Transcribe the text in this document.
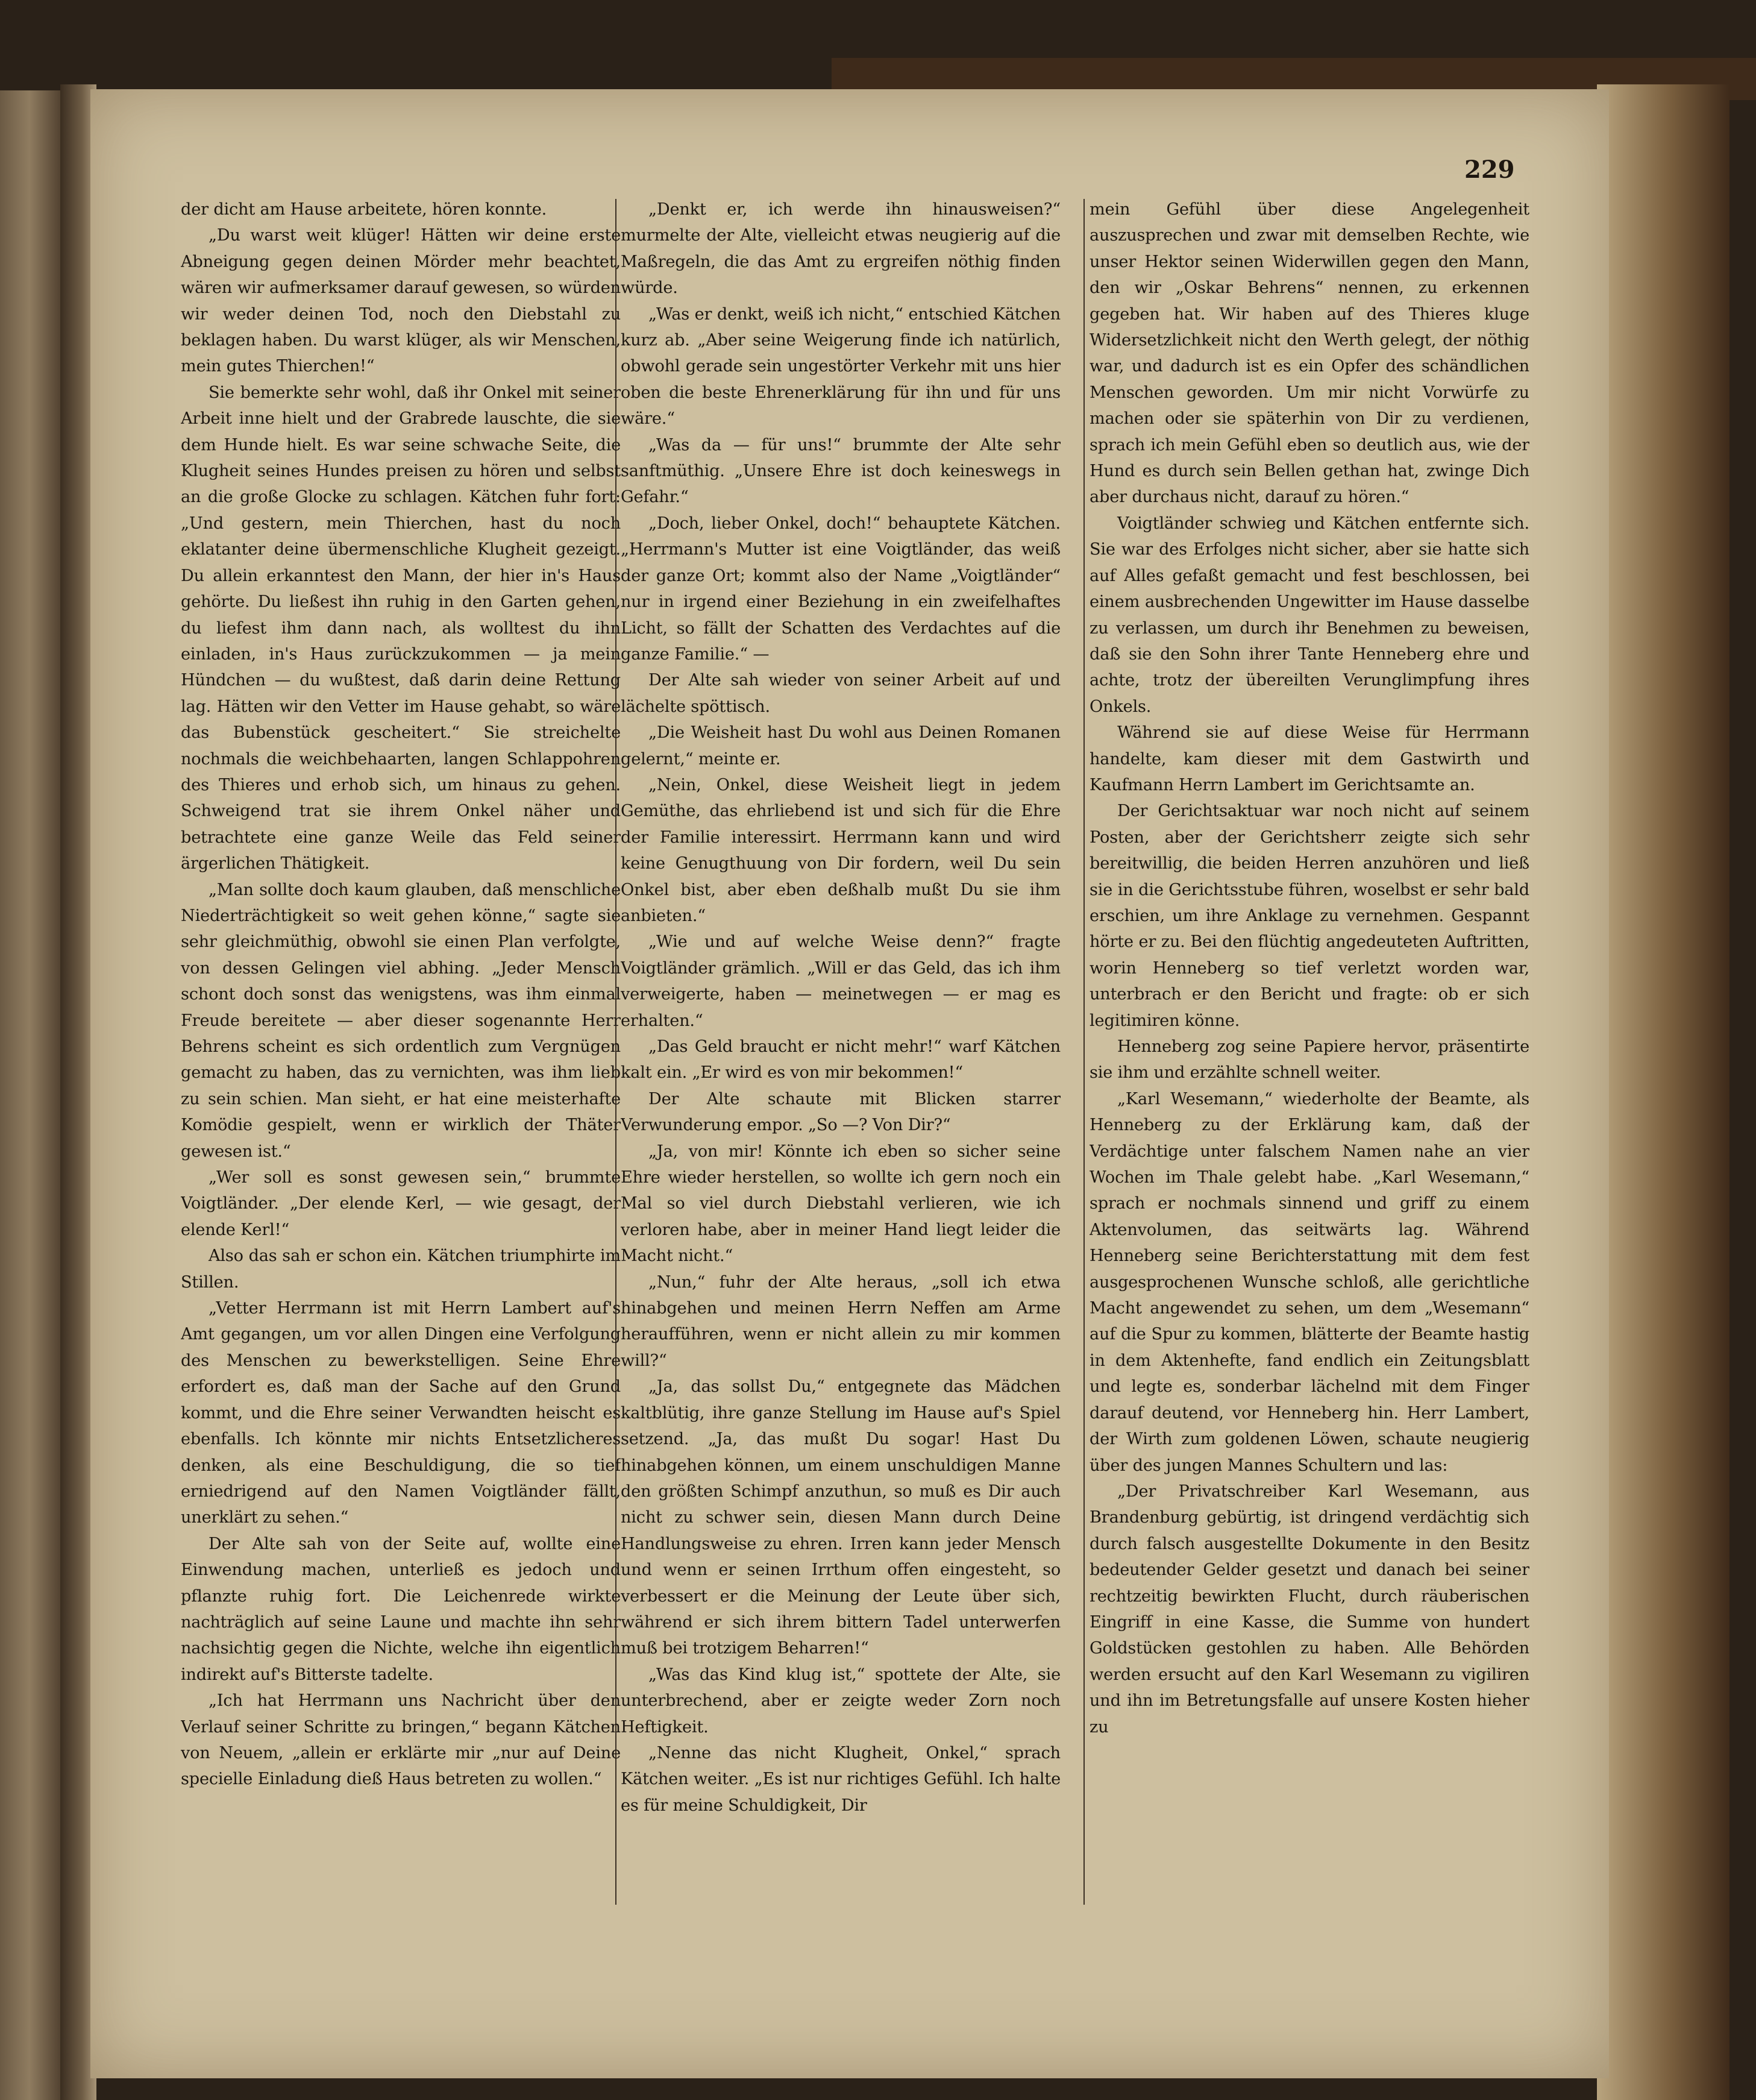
229

der dicht am Hause arbeitete, hören konnte.

„Du warst weit klüger! Hätten wir deine erste Abneigung gegen deinen Mörder mehr beachtet, wären wir aufmerksamer darauf gewesen, so würden wir weder deinen Tod, noch den Diebstahl zu beklagen haben. Du warst klüger, als wir Menschen, mein gutes Thierchen!“

Sie bemerkte sehr wohl, daß ihr Onkel mit seiner Arbeit inne hielt und der Grabrede lauschte, die sie dem Hunde hielt. Es war seine schwache Seite, die Klugheit seines Hundes preisen zu hören und selbst an die große Glocke zu schlagen. Kätchen fuhr fort: „Und gestern, mein Thierchen, hast du noch eklatanter deine übermenschliche Klugheit gezeigt. Du allein erkanntest den Mann, der hier in's Haus gehörte. Du ließest ihn ruhig in den Garten gehen, du liefest ihm dann nach, als wolltest du ihn einladen, in's Haus zurückzukommen — ja mein Hündchen — du wußtest, daß darin deine Rettung lag. Hätten wir den Vetter im Hause gehabt, so wäre das Bubenstück gescheitert.“ Sie streichelte nochmals die weichbehaarten, langen Schlappohren des Thieres und erhob sich, um hinaus zu gehen. Schweigend trat sie ihrem Onkel näher und betrachtete eine ganze Weile das Feld seiner ärgerlichen Thätigkeit.

„Man sollte doch kaum glauben, daß menschliche Niederträchtigkeit so weit gehen könne,“ sagte sie sehr gleichmüthig, obwohl sie einen Plan verfolgte, von dessen Gelingen viel abhing. „Jeder Mensch schont doch sonst das wenigstens, was ihm einmal Freude bereitete — aber dieser sogenannte Herr Behrens scheint es sich ordentlich zum Vergnügen gemacht zu haben, das zu vernichten, was ihm lieb zu sein schien. Man sieht, er hat eine meisterhafte Komödie gespielt, wenn er wirklich der Thäter gewesen ist.“

„Wer soll es sonst gewesen sein,“ brummte Voigtländer. „Der elende Kerl, — wie gesagt, der elende Kerl!“

Also das sah er schon ein. Kätchen triumphirte im Stillen.

„Vetter Herrmann ist mit Herrn Lambert auf's Amt gegangen, um vor allen Dingen eine Verfolgung des Menschen zu bewerkstelligen. Seine Ehre erfordert es, daß man der Sache auf den Grund kommt, und die Ehre seiner Verwandten heischt es ebenfalls. Ich könnte mir nichts Entsetzlicheres denken, als eine Beschuldigung, die so tief erniedrigend auf den Namen Voigtländer fällt, unerklärt zu sehen.“

Der Alte sah von der Seite auf, wollte eine Einwendung machen, unterließ es jedoch und pflanzte ruhig fort. Die Leichenrede wirkte nachträglich auf seine Laune und machte ihn sehr nachsichtig gegen die Nichte, welche ihn eigentlich indirekt auf's Bitterste tadelte.

„Ich hat Herrmann uns Nachricht über den Verlauf seiner Schritte zu bringen,“ begann Kätchen von Neuem, „allein er erklärte mir „nur auf Deine specielle Einladung dieß Haus betreten zu wollen.“

„Denkt er, ich werde ihn hinausweisen?“ murmelte der Alte, vielleicht etwas neugierig auf die Maßregeln, die das Amt zu ergreifen nöthig finden würde.

„Was er denkt, weiß ich nicht,“ entschied Kätchen kurz ab. „Aber seine Weigerung finde ich natürlich, obwohl gerade sein ungestörter Verkehr mit uns hier oben die beste Ehrenerklärung für ihn und für uns wäre.“

„Was da — für uns!“ brummte der Alte sehr sanftmüthig. „Unsere Ehre ist doch keineswegs in Gefahr.“

„Doch, lieber Onkel, doch!“ behauptete Kätchen. „Herrmann's Mutter ist eine Voigtländer, das weiß der ganze Ort; kommt also der Name „Voigtländer“ nur in irgend einer Beziehung in ein zweifelhaftes Licht, so fällt der Schatten des Verdachtes auf die ganze Familie.“ —

Der Alte sah wieder von seiner Arbeit auf und lächelte spöttisch.

„Die Weisheit hast Du wohl aus Deinen Romanen gelernt,“ meinte er.

„Nein, Onkel, diese Weisheit liegt in jedem Gemüthe, das ehrliebend ist und sich für die Ehre der Familie interessirt. Herrmann kann und wird keine Genugthuung von Dir fordern, weil Du sein Onkel bist, aber eben deßhalb mußt Du sie ihm anbieten.“

„Wie und auf welche Weise denn?“ fragte Voigtländer grämlich. „Will er das Geld, das ich ihm verweigerte, haben — meinetwegen — er mag es erhalten.“

„Das Geld braucht er nicht mehr!“ warf Kätchen kalt ein. „Er wird es von mir bekommen!“

Der Alte schaute mit Blicken starrer Verwunderung empor. „So —? Von Dir?“

„Ja, von mir! Könnte ich eben so sicher seine Ehre wieder herstellen, so wollte ich gern noch ein Mal so viel durch Diebstahl verlieren, wie ich verloren habe, aber in meiner Hand liegt leider die Macht nicht.“

„Nun,“ fuhr der Alte heraus, „soll ich etwa hinabgehen und meinen Herrn Neffen am Arme heraufführen, wenn er nicht allein zu mir kommen will?“

„Ja, das sollst Du,“ entgegnete das Mädchen kaltblütig, ihre ganze Stellung im Hause auf's Spiel setzend. „Ja, das mußt Du sogar! Hast Du hinabgehen können, um einem unschuldigen Manne den größten Schimpf anzuthun, so muß es Dir auch nicht zu schwer sein, diesen Mann durch Deine Handlungsweise zu ehren. Irren kann jeder Mensch und wenn er seinen Irrthum offen eingesteht, so verbessert er die Meinung der Leute über sich, während er sich ihrem bittern Tadel unterwerfen muß bei trotzigem Beharren!“

„Was das Kind klug ist,“ spottete der Alte, sie unterbrechend, aber er zeigte weder Zorn noch Heftigkeit.

„Nenne das nicht Klugheit, Onkel,“ sprach Kätchen weiter. „Es ist nur richtiges Gefühl. Ich halte es für meine Schuldigkeit, Dir

mein Gefühl über diese Angelegenheit auszusprechen und zwar mit demselben Rechte, wie unser Hektor seinen Widerwillen gegen den Mann, den wir „Oskar Behrens“ nennen, zu erkennen gegeben hat. Wir haben auf des Thieres kluge Widersetzlichkeit nicht den Werth gelegt, der nöthig war, und dadurch ist es ein Opfer des schändlichen Menschen geworden. Um mir nicht Vorwürfe zu machen oder sie späterhin von Dir zu verdienen, sprach ich mein Gefühl eben so deutlich aus, wie der Hund es durch sein Bellen gethan hat, zwinge Dich aber durchaus nicht, darauf zu hören.“

Voigtländer schwieg und Kätchen entfernte sich. Sie war des Erfolges nicht sicher, aber sie hatte sich auf Alles gefaßt gemacht und fest beschlossen, bei einem ausbrechenden Ungewitter im Hause dasselbe zu verlassen, um durch ihr Benehmen zu beweisen, daß sie den Sohn ihrer Tante Henneberg ehre und achte, trotz der übereilten Verunglimpfung ihres Onkels.

Während sie auf diese Weise für Herrmann handelte, kam dieser mit dem Gastwirth und Kaufmann Herrn Lambert im Gerichtsamte an.

Der Gerichtsaktuar war noch nicht auf seinem Posten, aber der Gerichtsherr zeigte sich sehr bereitwillig, die beiden Herren anzuhören und ließ sie in die Gerichtsstube führen, woselbst er sehr bald erschien, um ihre Anklage zu vernehmen. Gespannt hörte er zu. Bei den flüchtig angedeuteten Auftritten, worin Henneberg so tief verletzt worden war, unterbrach er den Bericht und fragte: ob er sich legitimiren könne.

Henneberg zog seine Papiere hervor, präsentirte sie ihm und erzählte schnell weiter.

„Karl Wesemann,“ wiederholte der Beamte, als Henneberg zu der Erklärung kam, daß der Verdächtige unter falschem Namen nahe an vier Wochen im Thale gelebt habe. „Karl Wesemann,“ sprach er nochmals sinnend und griff zu einem Aktenvolumen, das seitwärts lag. Während Henneberg seine Berichterstattung mit dem fest ausgesprochenen Wunsche schloß, alle gerichtliche Macht angewendet zu sehen, um dem „Wesemann“ auf die Spur zu kommen, blätterte der Beamte hastig in dem Aktenhefte, fand endlich ein Zeitungsblatt und legte es, sonderbar lächelnd mit dem Finger darauf deutend, vor Henneberg hin. Herr Lambert, der Wirth zum goldenen Löwen, schaute neugierig über des jungen Mannes Schultern und las:

„Der Privatschreiber Karl Wesemann, aus Brandenburg gebürtig, ist dringend verdächtig sich durch falsch ausgestellte Dokumente in den Besitz bedeutender Gelder gesetzt und danach bei seiner rechtzeitig bewirkten Flucht, durch räuberischen Eingriff in eine Kasse, die Summe von hundert Goldstücken gestohlen zu haben. Alle Behörden werden ersucht auf den Karl Wesemann zu vigiliren und ihn im Betretungsfalle auf unsere Kosten hieher zu
